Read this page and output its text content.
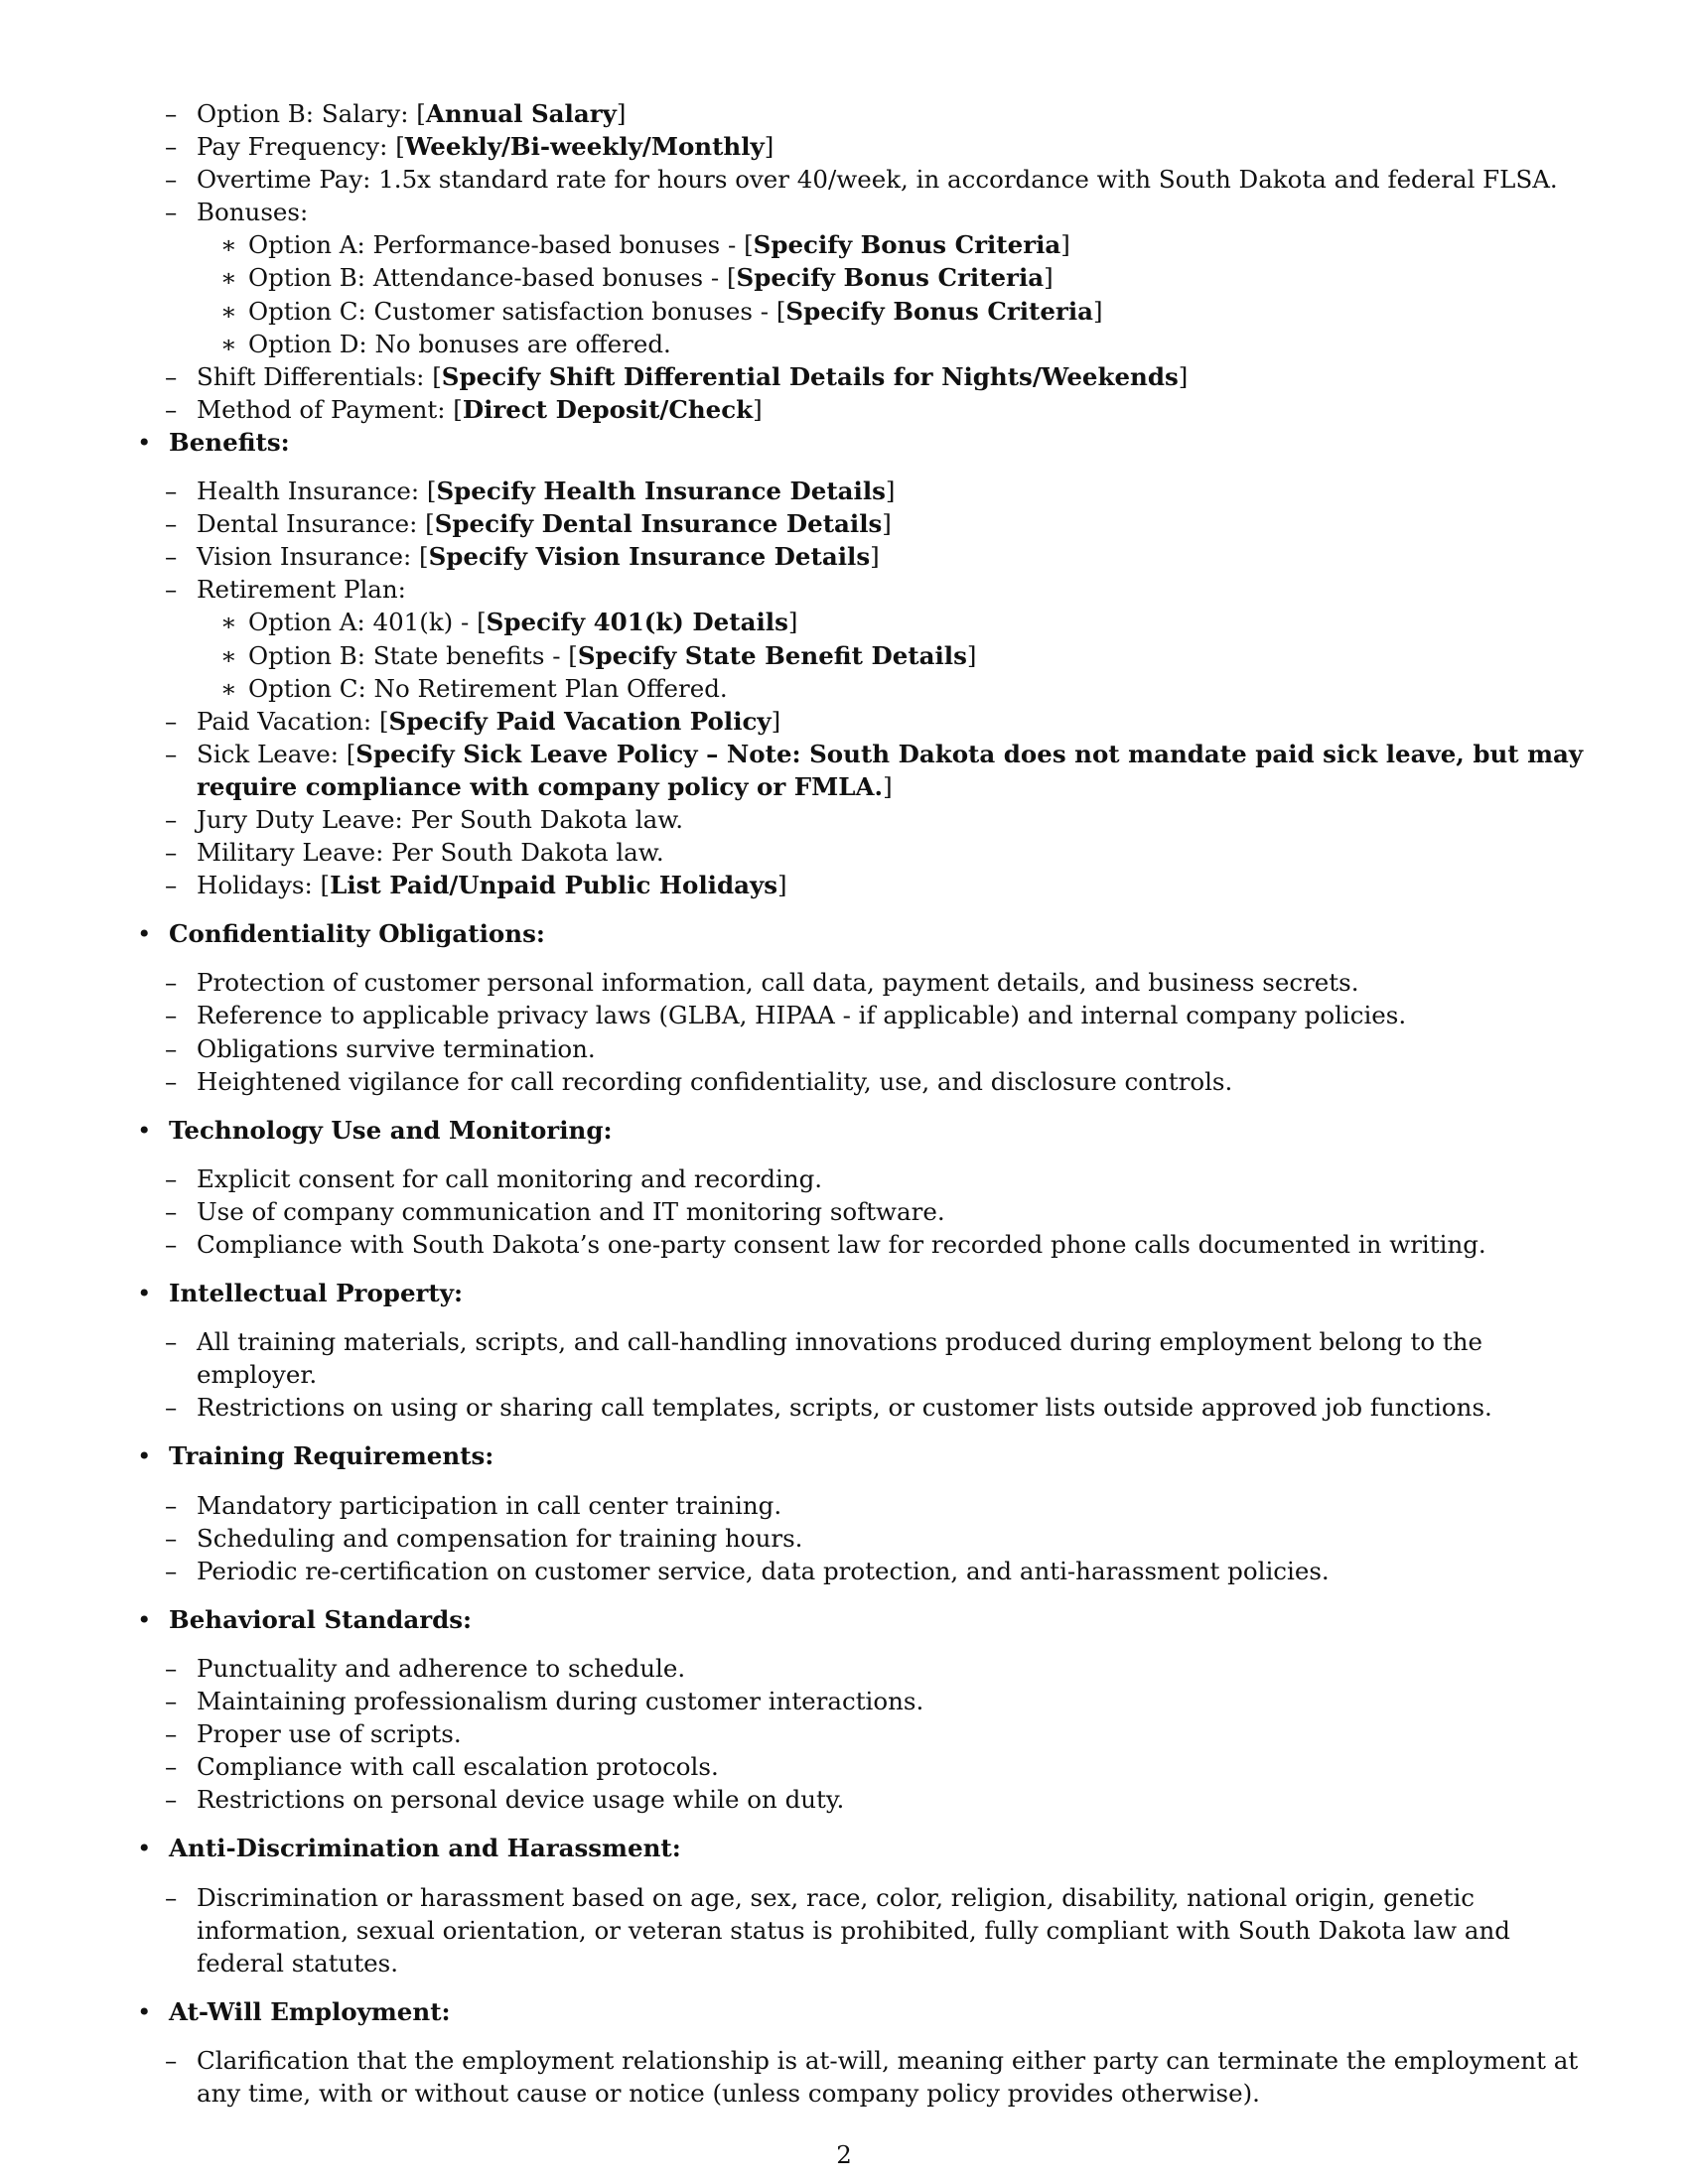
– Option B: Salary: [Annual Salary]
– Pay Frequency: [Weekly/Bi-weekly/Monthly]
– Overtime Pay: 1.5x standard rate for hours over 40/week, in accordance with South Dakota and federal FLSA.
– Bonuses:
∗ Option A: Performance-based bonuses - [Specify Bonus Criteria]
∗ Option B: Attendance-based bonuses - [Specify Bonus Criteria]
∗ Option C: Customer satisfaction bonuses - [Specify Bonus Criteria]
∗ Option D: No bonuses are offered.
– Shift Differentials: [Specify Shift Differential Details for Nights/Weekends]
– Method of Payment: [Direct Deposit/Check]
• Benefits:
– Health Insurance: [Specify Health Insurance Details]
– Dental Insurance: [Specify Dental Insurance Details]
– Vision Insurance: [Specify Vision Insurance Details]
– Retirement Plan:
∗ Option A: 401(k) - [Specify 401(k) Details]
∗ Option B: State benefits - [Specify State Benefit Details]
∗ Option C: No Retirement Plan Offered.
– Paid Vacation: [Specify Paid Vacation Policy]
– Sick Leave: [Specify Sick Leave Policy – Note: South Dakota does not mandate paid sick leave, but may require compliance with company policy or FMLA.]
– Jury Duty Leave: Per South Dakota law.
– Military Leave: Per South Dakota law.
– Holidays: [List Paid/Unpaid Public Holidays]
• Confidentiality Obligations:
– Protection of customer personal information, call data, payment details, and business secrets.
– Reference to applicable privacy laws (GLBA, HIPAA - if applicable) and internal company policies.
– Obligations survive termination.
– Heightened vigilance for call recording confidentiality, use, and disclosure controls.
• Technology Use and Monitoring:
– Explicit consent for call monitoring and recording.
– Use of company communication and IT monitoring software.
– Compliance with South Dakota’s one-party consent law for recorded phone calls documented in writing.
• Intellectual Property:
– All training materials, scripts, and call-handling innovations produced during employment belong to the employer.
– Restrictions on using or sharing call templates, scripts, or customer lists outside approved job functions.
• Training Requirements:
– Mandatory participation in call center training.
– Scheduling and compensation for training hours.
– Periodic re-certification on customer service, data protection, and anti-harassment policies.
• Behavioral Standards:
– Punctuality and adherence to schedule.
– Maintaining professionalism during customer interactions.
– Proper use of scripts.
– Compliance with call escalation protocols.
– Restrictions on personal device usage while on duty.
• Anti-Discrimination and Harassment:
– Discrimination or harassment based on age, sex, race, color, religion, disability, national origin, genetic information, sexual orientation, or veteran status is prohibited, fully compliant with South Dakota law and federal statutes.
• At-Will Employment:
– Clarification that the employment relationship is at-will, meaning either party can terminate the employment at any time, with or without cause or notice (unless company policy provides otherwise).
2
